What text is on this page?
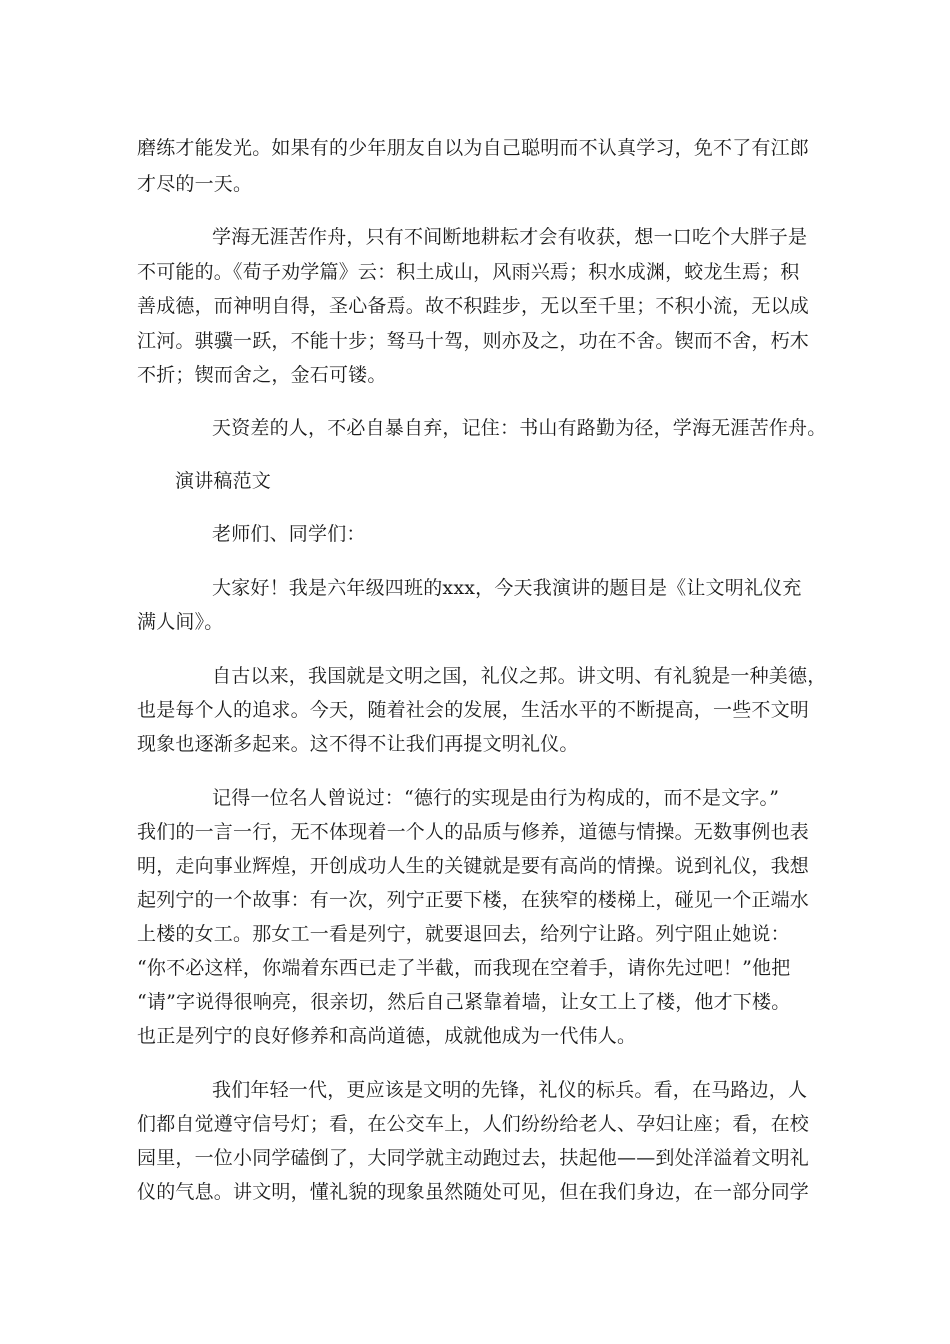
磨练才能发光。如果有的少年朋友自以为自己聪明而不认真学习，免不了有江郎
才尽的一天。
学海无涯苦作舟，只有不间断地耕耘才会有收获，想一口吃个大胖子是
不可能的。《荀子劝学篇》云：积土成山，风雨兴焉；积水成渊，蛟龙生焉；积
善成德，而神明自得，圣心备焉。故不积跬步，无以至千里；不积小流，无以成
江河。骐骥一跃，不能十步；驽马十驾，则亦及之，功在不舍。锲而不舍，朽木
不折；锲而舍之，金石可镂。
天资差的人，不必自暴自弃，记住：书山有路勤为径，学海无涯苦作舟。
演讲稿范文
老师们、同学们：
大家好！我是六年级四班的xxx，今天我演讲的题目是《让文明礼仪充
满人间》。
自古以来，我国就是文明之国，礼仪之邦。讲文明、有礼貌是一种美德，
也是每个人的追求。今天，随着社会的发展，生活水平的不断提高，一些不文明
现象也逐渐多起来。这不得不让我们再提文明礼仪。
记得一位名人曾说过：“德行的实现是由行为构成的，而不是文字。”
我们的一言一行，无不体现着一个人的品质与修养，道德与情操。无数事例也表
明，走向事业辉煌，开创成功人生的关键就是要有高尚的情操。说到礼仪，我想
起列宁的一个故事：有一次，列宁正要下楼，在狭窄的楼梯上，碰见一个正端水
上楼的女工。那女工一看是列宁，就要退回去，给列宁让路。列宁阻止她说：
“你不必这样，你端着东西已走了半截，而我现在空着手，请你先过吧！”他把
“请”字说得很响亮，很亲切，然后自己紧靠着墙，让女工上了楼，他才下楼。
也正是列宁的良好修养和高尚道德，成就他成为一代伟人。
我们年轻一代，更应该是文明的先锋，礼仪的标兵。看，在马路边，人
们都自觉遵守信号灯；看，在公交车上，人们纷纷给老人、孕妇让座；看，在校
园里，一位小同学磕倒了，大同学就主动跑过去，扶起他——到处洋溢着文明礼
仪的气息。讲文明，懂礼貌的现象虽然随处可见，但在我们身边，在一部分同学
